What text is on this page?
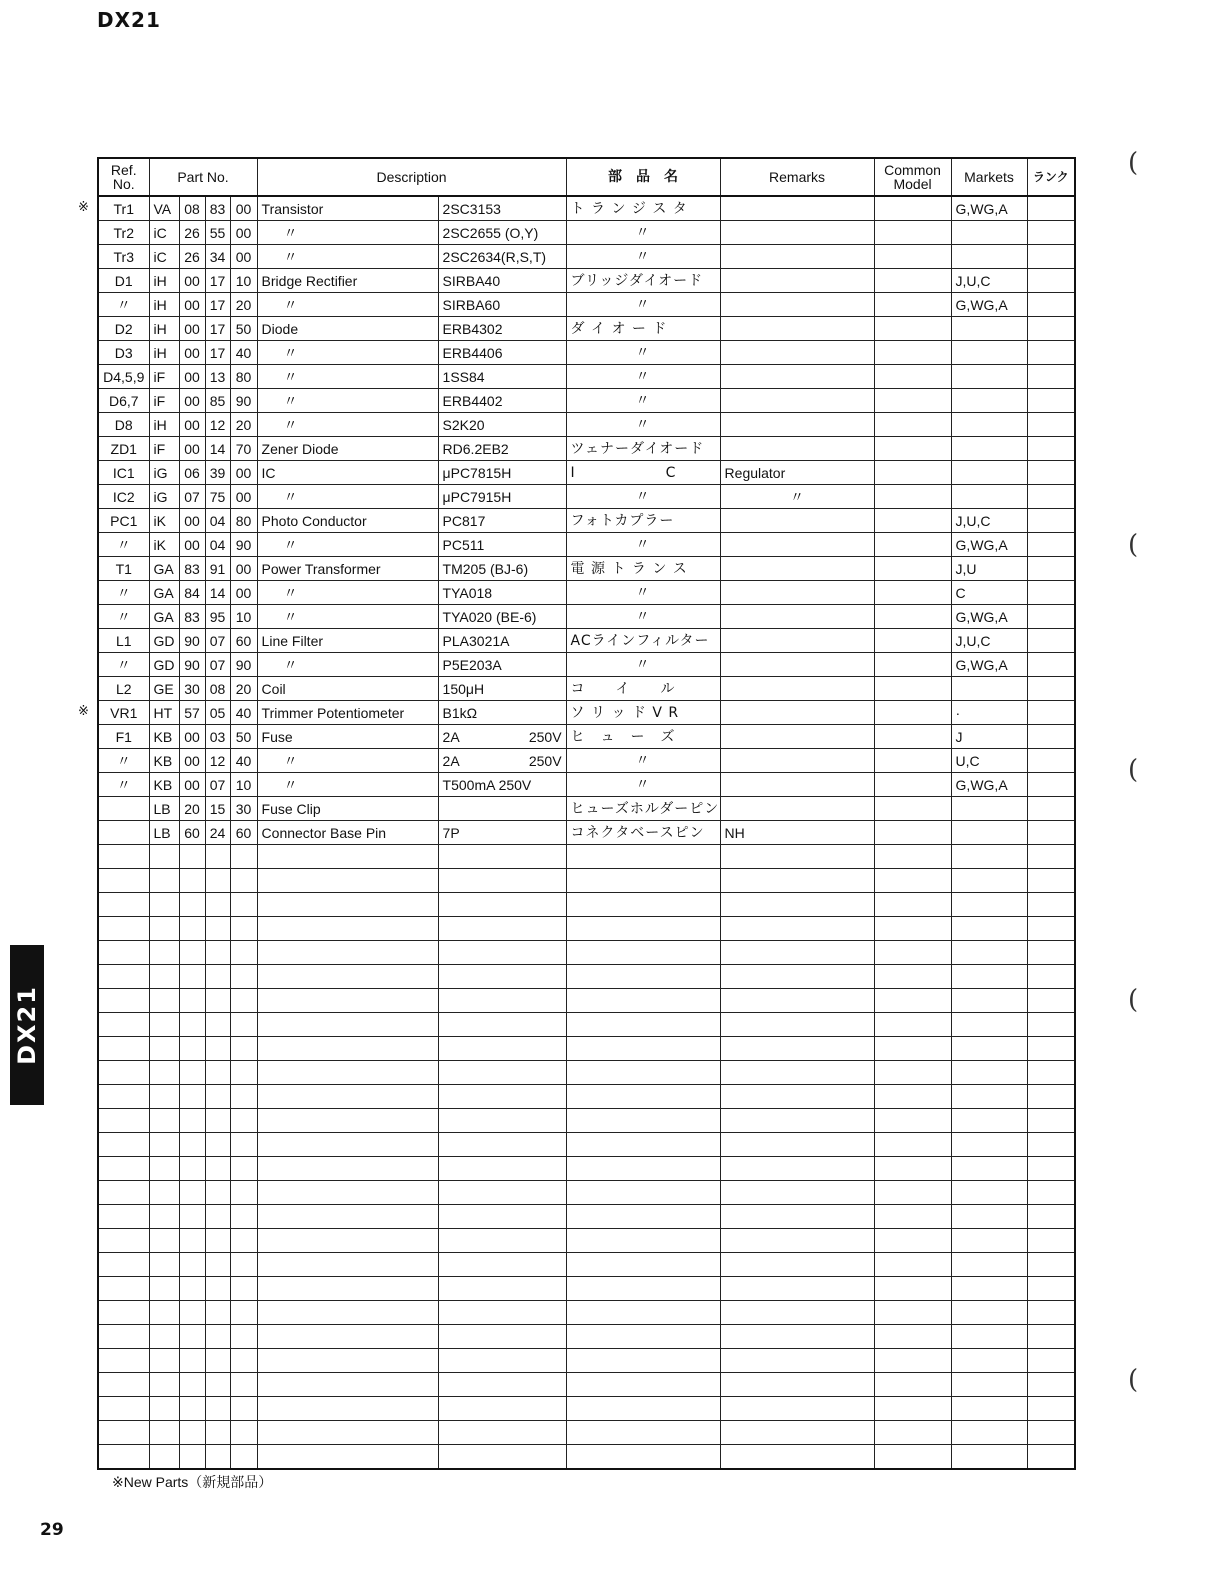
DX21
Ref.
No.	Part No.				Description		部　品　名	Remarks	Common
Model	Markets	ランク
Tr1	VA	08	83	00	Transistor	2SC3153	ト ラ ン ジ ス タ			G,WG,A	
Tr2	iC	26	55	00	〃	2SC2655 (O,Y)	〃				
Tr3	iC	26	34	00	〃	2SC2634(R,S,T)	〃				
D1	iH	00	17	10	Bridge Rectifier	SIRBA40	ブリッジダイオード			J,U,C	
〃	iH	00	17	20	〃	SIRBA60	〃			G,WG,A	
D2	iH	00	17	50	Diode	ERB4302	ダ イ オ ー ド				
D3	iH	00	17	40	〃	ERB4406	〃				
D4,5,9	iF	00	13	80	〃	1SS84	〃				
D6,7	iF	00	85	90	〃	ERB4402	〃				
D8	iH	00	12	20	〃	S2K20	〃				
ZD1	iF	00	14	70	Zener Diode	RD6.2EB2	ツェナーダイオード				
IC1	iG	06	39	00	IC	μPC7815H	I　　　　　　C	Regulator			
IC2	iG	07	75	00	〃	μPC7915H	〃	〃			
PC1	iK	00	04	80	Photo Conductor	PC817	フォトカプラー			J,U,C	
〃	iK	00	04	90	〃	PC511	〃			G,WG,A	
T1	GA	83	91	00	Power Transformer	TM205 (BJ-6)	電 源 ト ラ ン ス			J,U	
〃	GA	84	14	00	〃	TYA018	〃			C	
〃	GA	83	95	10	〃	TYA020 (BE-6)	〃			G,WG,A	
L1	GD	90	07	60	Line Filter	PLA3021A	ACラインフィルター			J,U,C	
〃	GD	90	07	90	〃	P5E203A	〃			G,WG,A	
L2	GE	30	08	20	Coil	150μH	コ　　イ　　ル				
VR1	HT	57	05	40	Trimmer Potentiometer	B1kΩ	ソ リ ッ ド V R			·	
F1	KB	00	03	50	Fuse	2A 250V	ヒ　ュ　ー　ズ			J	
〃	KB	00	12	40	〃	2A 250V	〃			U,C	
〃	KB	00	07	10	〃	T500mA 250V	〃			G,WG,A	
	LB	20	15	30	Fuse Clip		ヒューズホルダーピン				
	LB	60	24	60	Connector Base Pin	7P	コネクタベースピン	NH			

※
※
※New Parts（新規部品）
DX21
29
(
(
(
(
(
